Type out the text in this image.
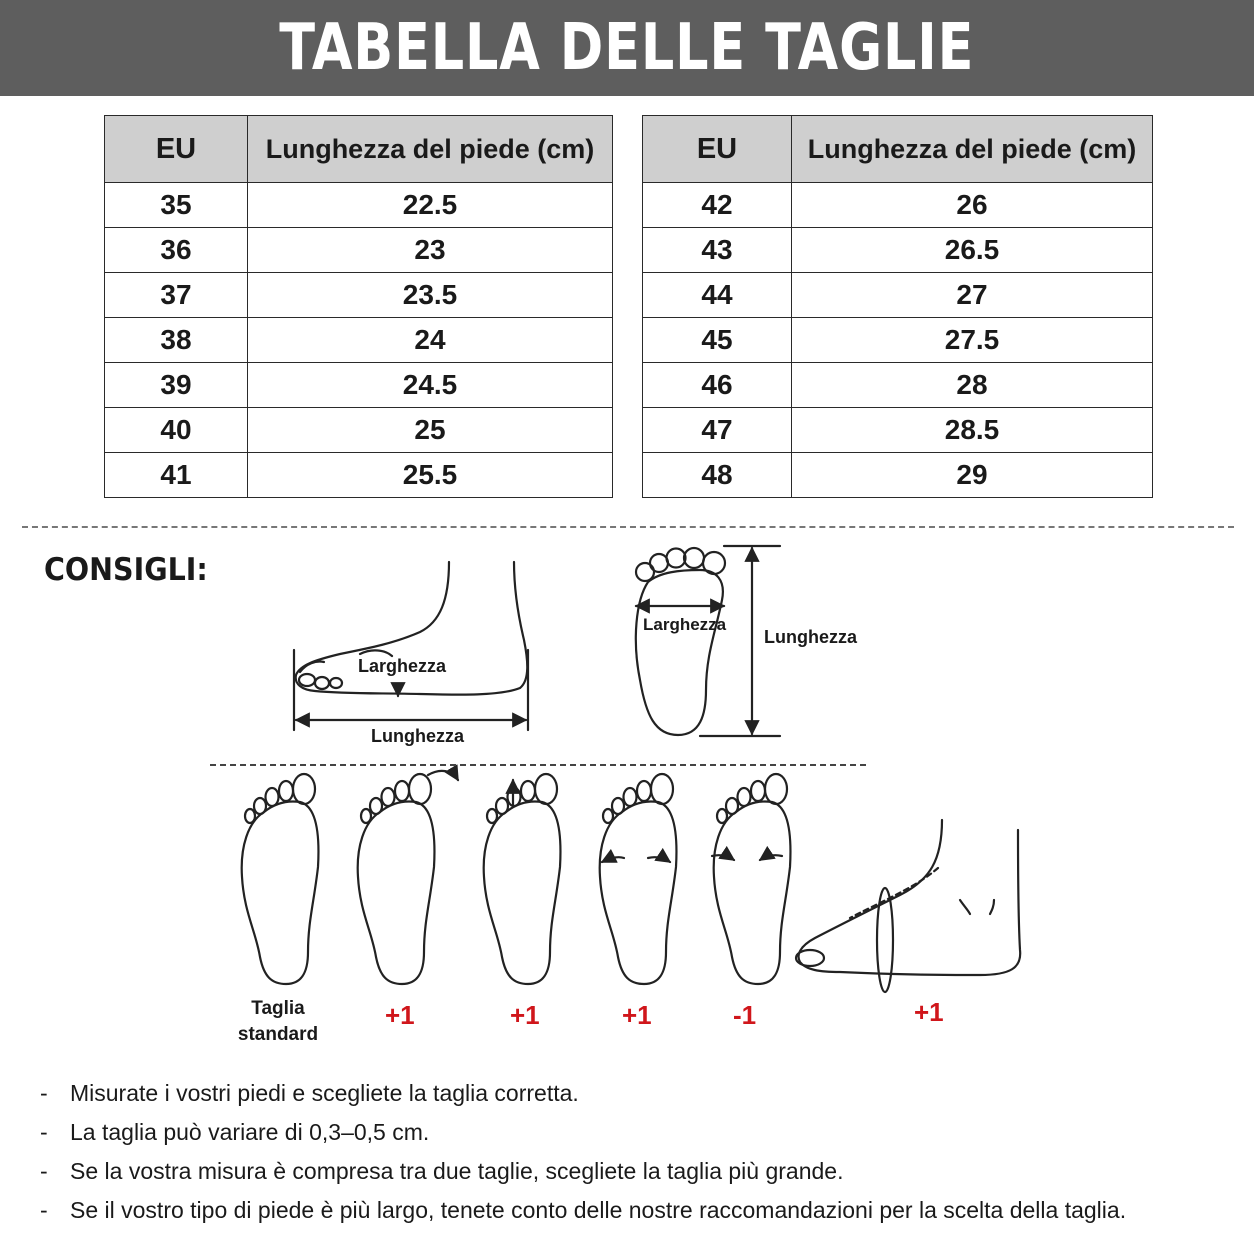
TABELLA DELLE TAGLIE
EU	Lunghezza del piede (cm)
35	22.5
36	23
37	23.5
38	24
39	24.5
40	25
41	25.5
EU	Lunghezza del piede (cm)
42	26
43	26.5
44	27
45	27.5
46	28
47	28.5
48	29
CONSIGLI:
Larghezza
Lunghezza
Larghezza
Lunghezza
Taglia
standard
+1	+1	+1	-1	+1
- Misurate i vostri piedi e scegliete la taglia corretta.
- La taglia può variare di 0,3–0,5 cm.
- Se la vostra misura è compresa tra due taglie, scegliete la taglia più grande.
- Se il vostro tipo di piede è più largo, tenete conto delle nostre raccomandazioni per la scelta della taglia.
